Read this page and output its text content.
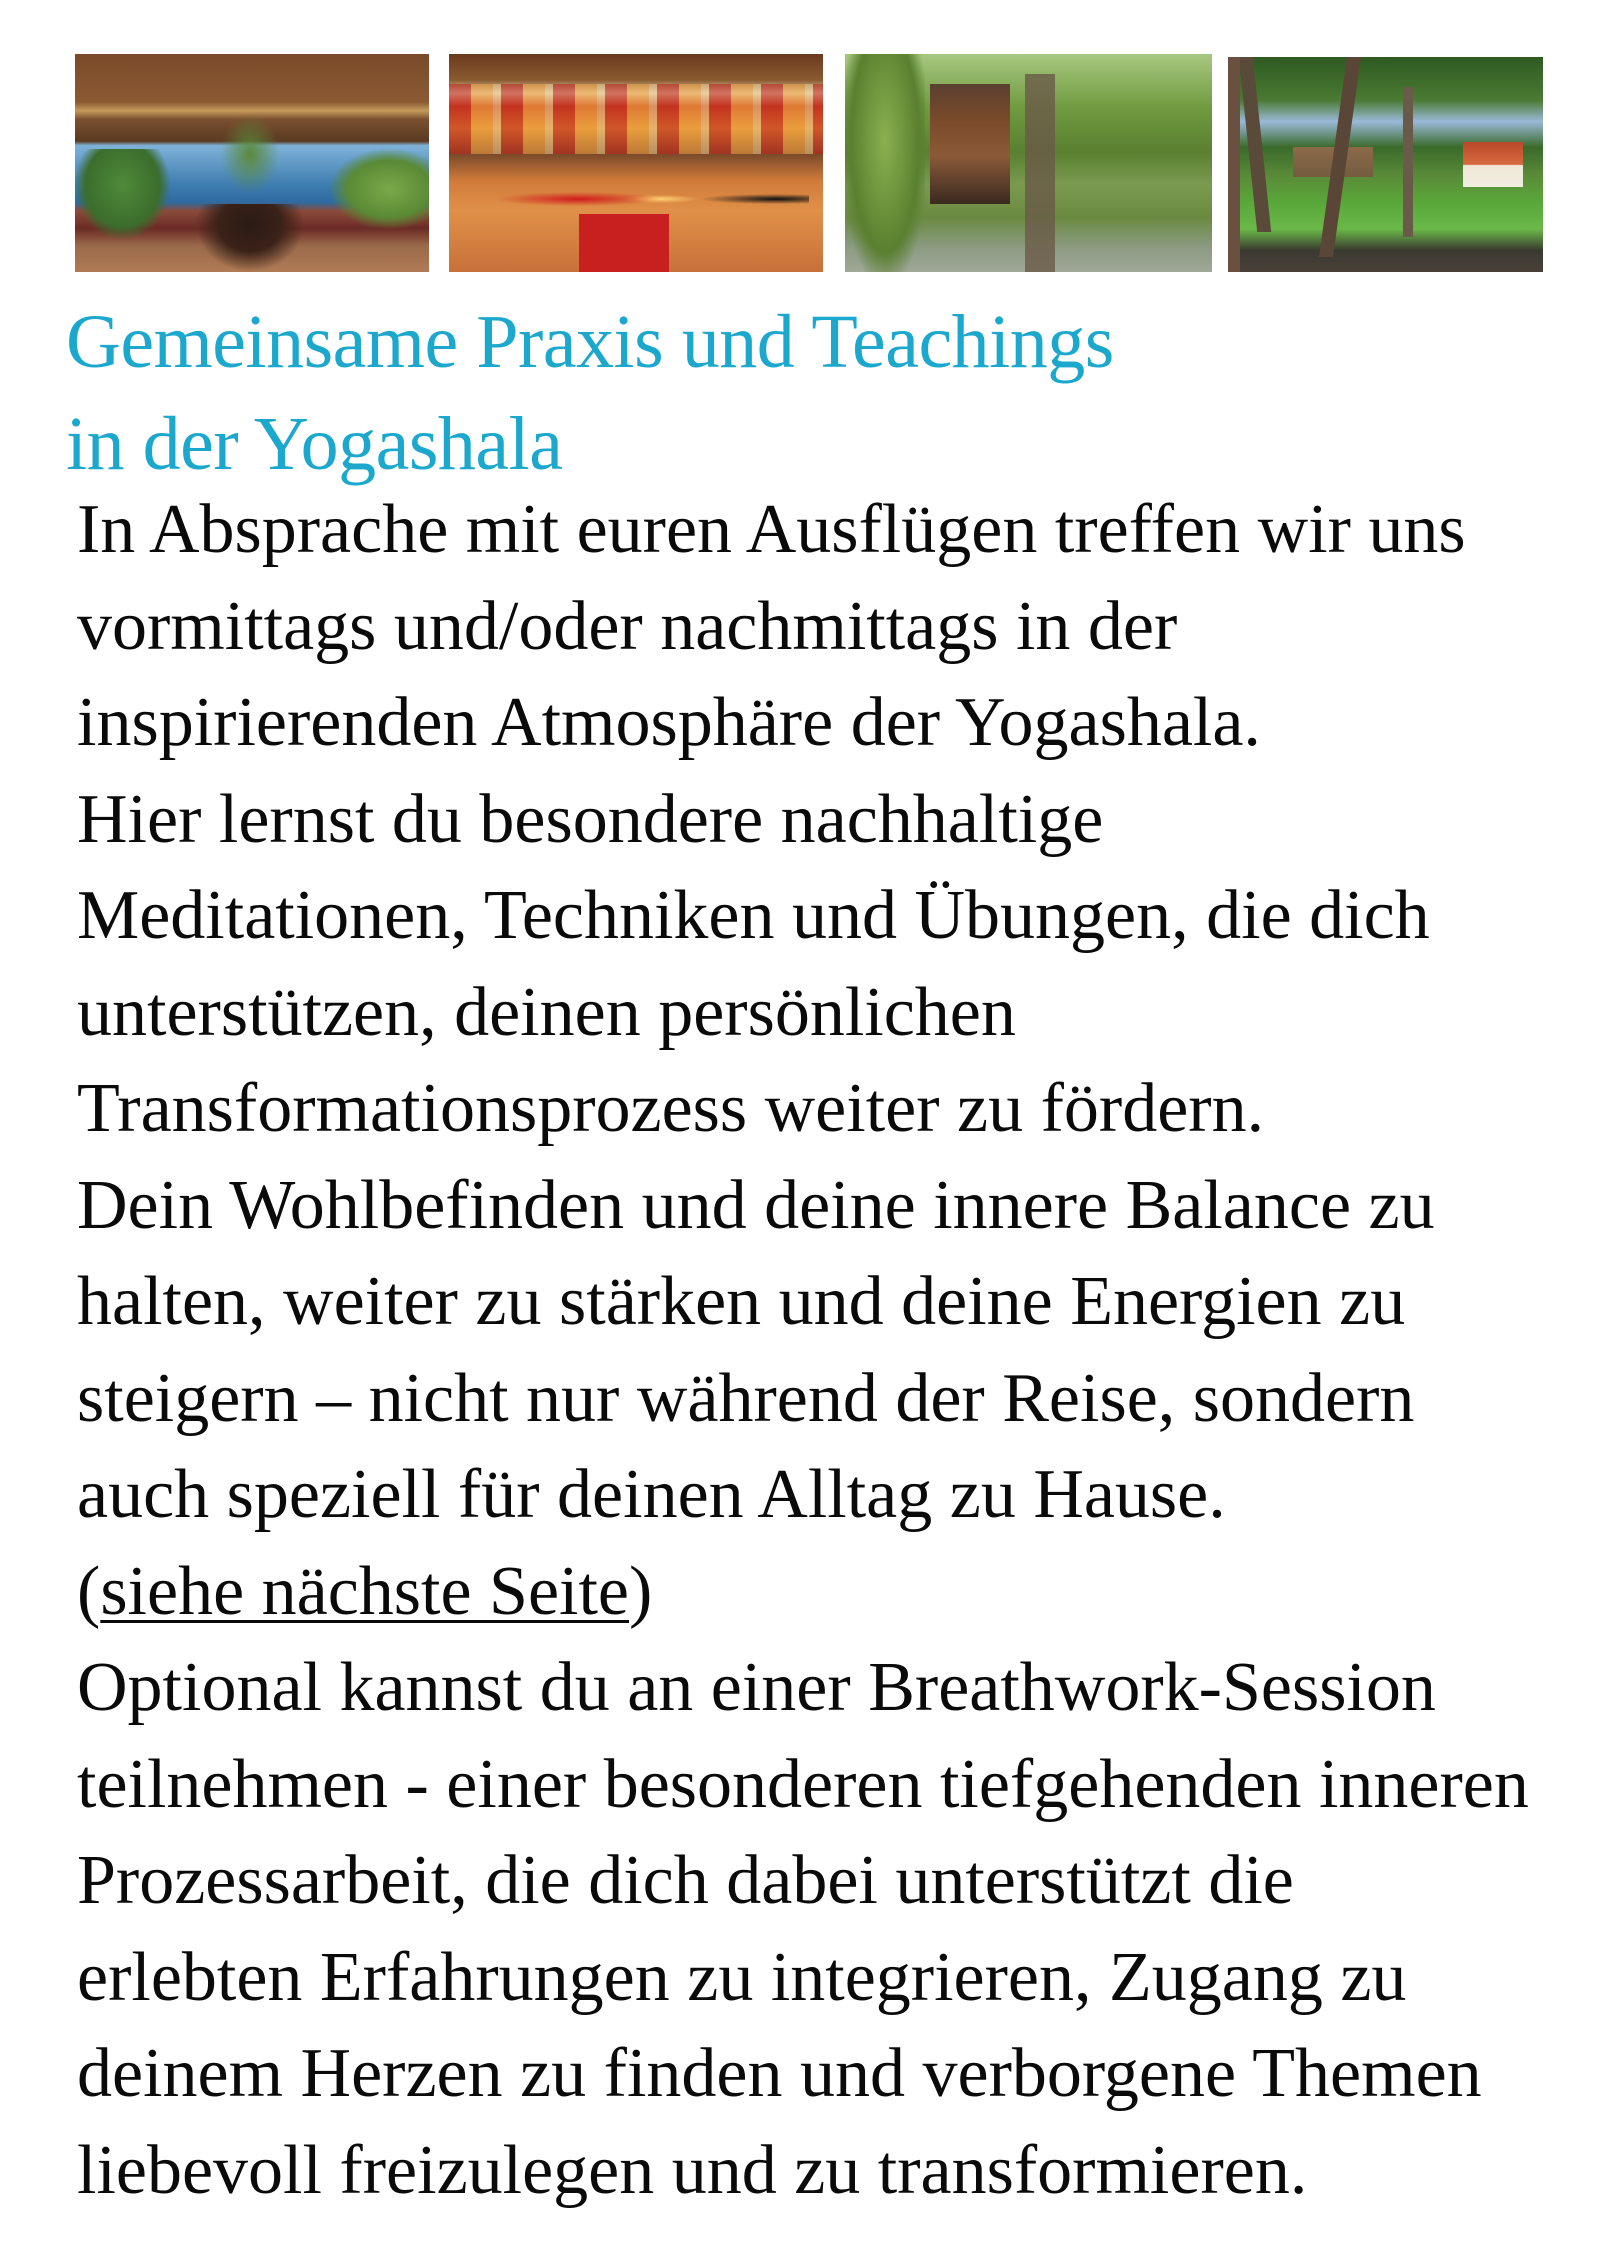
Gemeinsame Praxis und Teachings
in der Yogashala
In Absprache mit euren Ausflügen treffen wir uns
vormittags und/oder nachmittags in der
inspirierenden Atmosphäre der Yogashala.
Hier lernst du besondere nachhaltige
Meditationen, Techniken und Übungen, die dich
unterstützen, deinen persönlichen
Transformationsprozess weiter zu fördern.
Dein Wohlbefinden und deine innere Balance zu
halten, weiter zu stärken und deine Energien zu
steigern – nicht nur während der Reise, sondern
auch speziell für deinen Alltag zu Hause.
(siehe nächste Seite)
Optional kannst du an einer Breathwork-Session
teilnehmen - einer besonderen tiefgehenden inneren
Prozessarbeit, die dich dabei unterstützt die
erlebten Erfahrungen zu integrieren, Zugang zu
deinem Herzen zu finden und verborgene Themen
liebevoll freizulegen und zu transformieren.
